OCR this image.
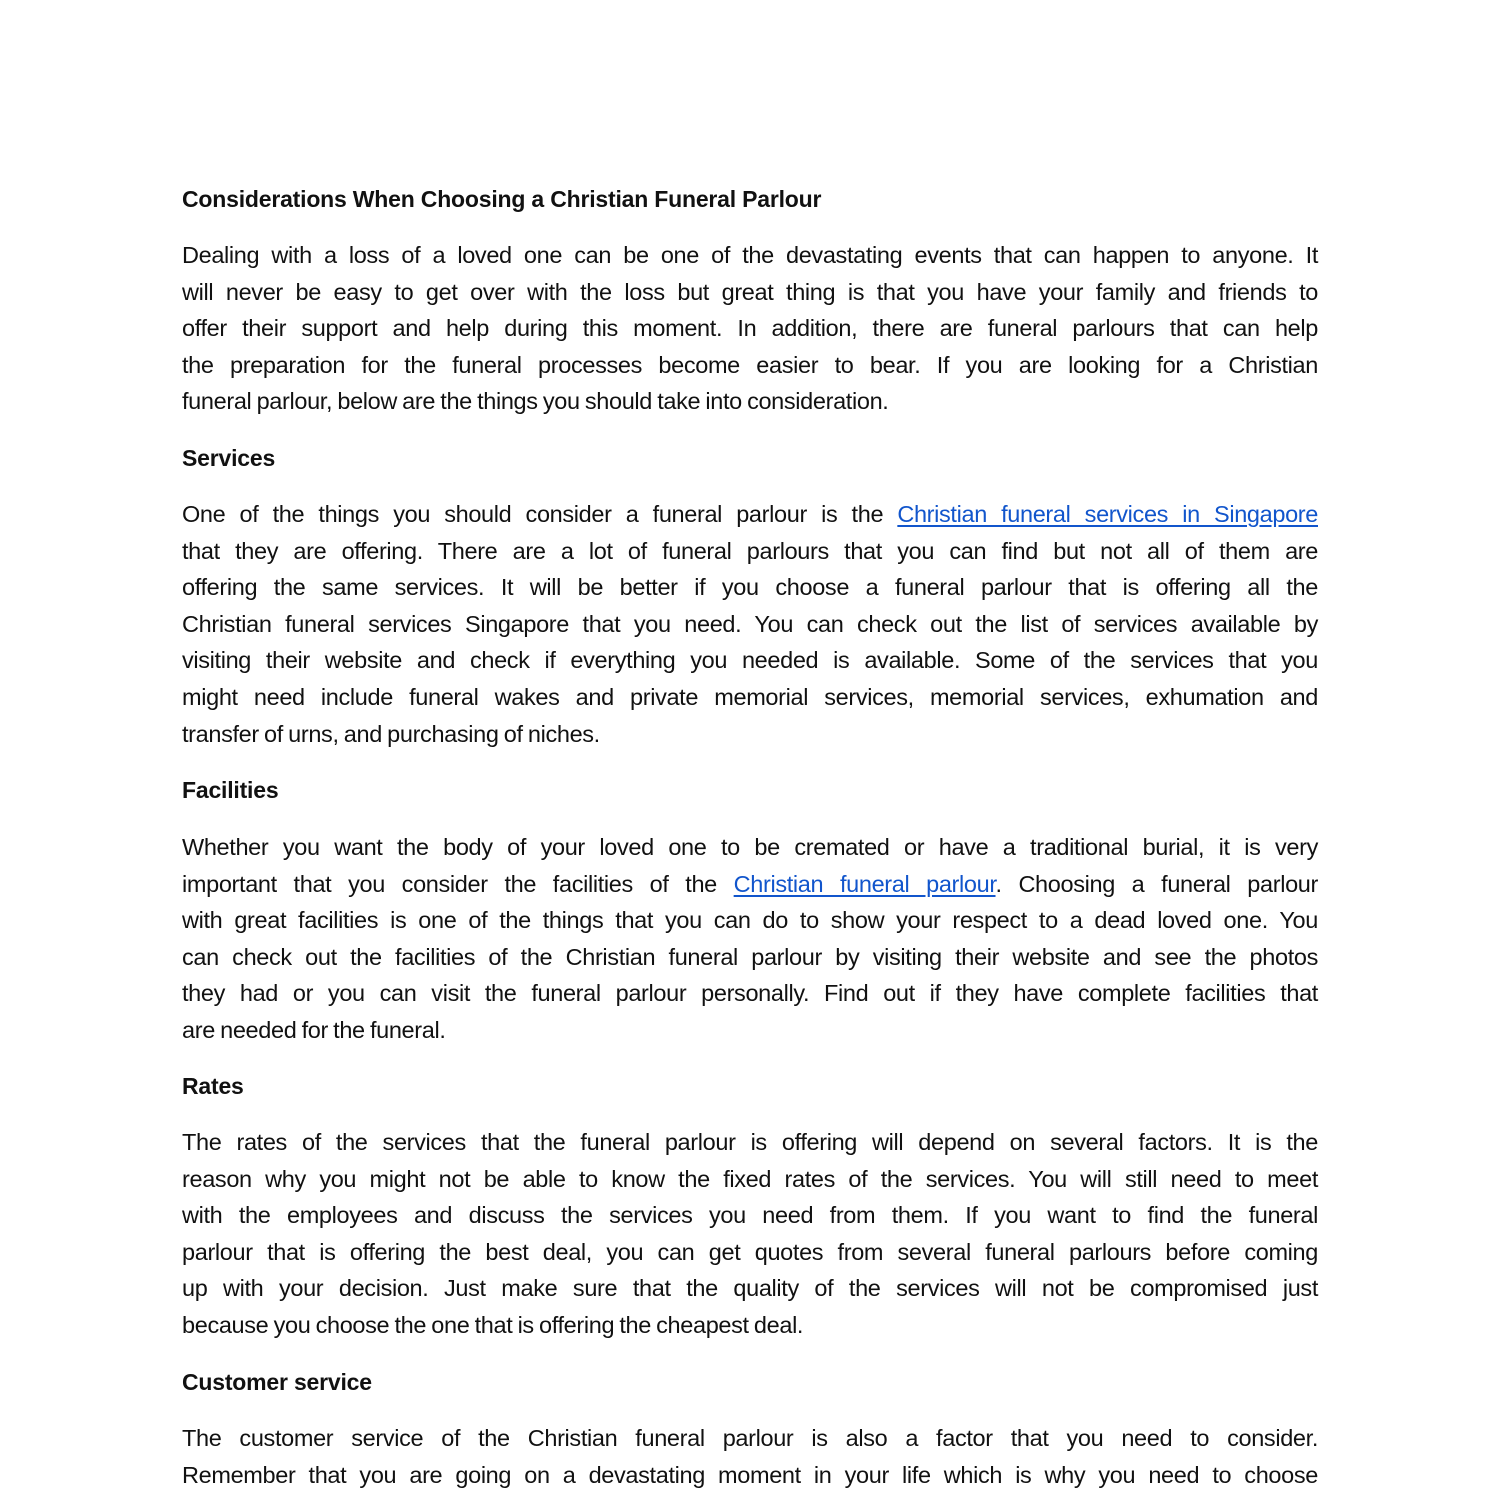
Considerations When Choosing a Christian Funeral Parlour
Dealing with a loss of a loved one can be one of the devastating events that can happen to anyone. It
will never be easy to get over with the loss but great thing is that you have your family and friends to
offer their support and help during this moment. In addition, there are funeral parlours that can help
the preparation for the funeral processes become easier to bear. If you are looking for a Christian
funeral parlour, below are the things you should take into consideration.
Services
One of the things you should consider a funeral parlour is the Christian funeral services in Singapore
that they are offering. There are a lot of funeral parlours that you can find but not all of them are
offering the same services. It will be better if you choose a funeral parlour that is offering all the
Christian funeral services Singapore that you need. You can check out the list of services available by
visiting their website and check if everything you needed is available. Some of the services that you
might need include funeral wakes and private memorial services, memorial services, exhumation and
transfer of urns, and purchasing of niches.
Facilities
Whether you want the body of your loved one to be cremated or have a traditional burial, it is very
important that you consider the facilities of the Christian funeral parlour. Choosing a funeral parlour
with great facilities is one of the things that you can do to show your respect to a dead loved one. You
can check out the facilities of the Christian funeral parlour by visiting their website and see the photos
they had or you can visit the funeral parlour personally. Find out if they have complete facilities that
are needed for the funeral.
Rates
The rates of the services that the funeral parlour is offering will depend on several factors. It is the
reason why you might not be able to know the fixed rates of the services. You will still need to meet
with the employees and discuss the services you need from them. If you want to find the funeral
parlour that is offering the best deal, you can get quotes from several funeral parlours before coming
up with your decision. Just make sure that the quality of the services will not be compromised just
because you choose the one that is offering the cheapest deal.
Customer service
The customer service of the Christian funeral parlour is also a factor that you need to consider.
Remember that you are going on a devastating moment in your life which is why you need to choose
